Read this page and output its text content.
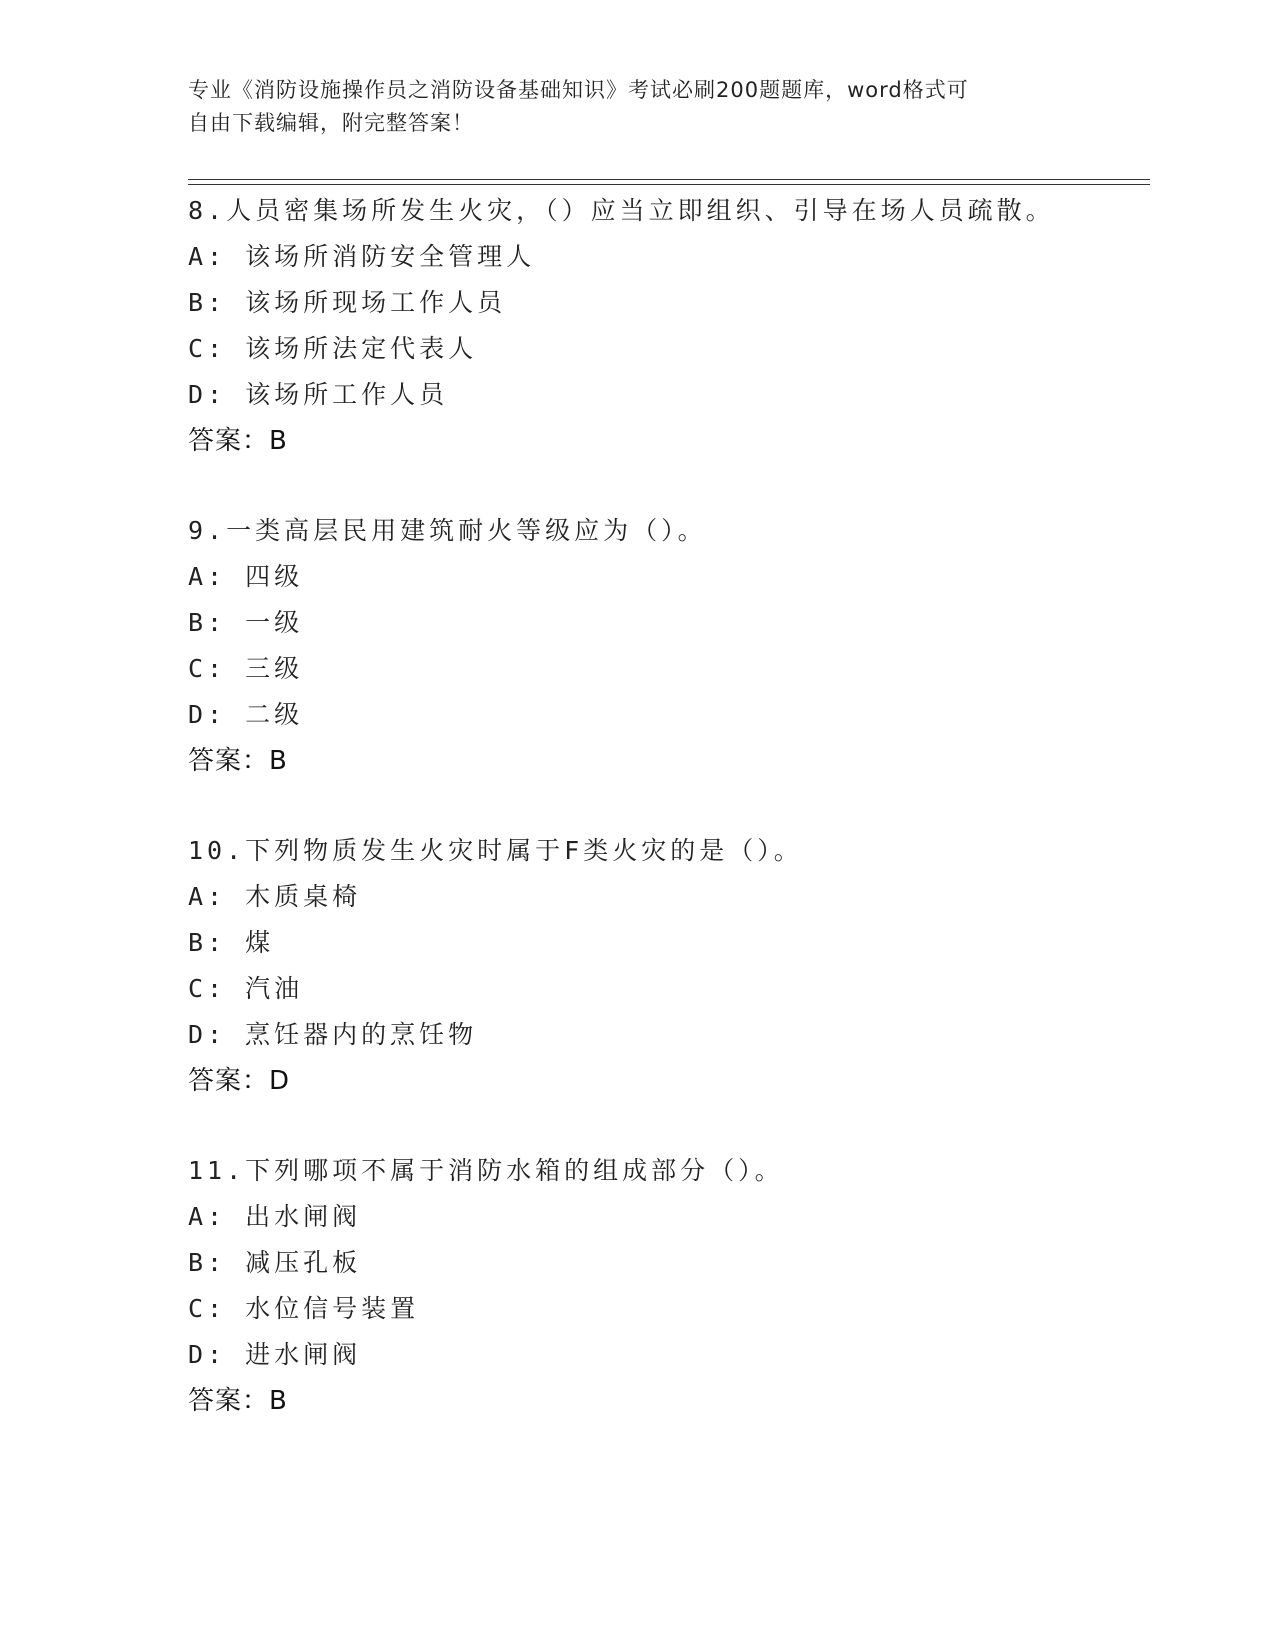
专业《消防设施操作员之消防设备基础知识》考试必刷200题题库，word格式可
自由下载编辑，附完整答案！
8.人员密集场所发生火灾，（）应当立即组织、引导在场人员疏散。
A: 该场所消防安全管理人
B: 该场所现场工作人员
C: 该场所法定代表人
D: 该场所工作人员
答案：B
9.一类高层民用建筑耐火等级应为（）。
A: 四级
B: 一级
C: 三级
D: 二级
答案：B
10.下列物质发生火灾时属于F类火灾的是（）。
A: 木质桌椅
B: 煤
C: 汽油
D: 烹饪器内的烹饪物
答案：D
11.下列哪项不属于消防水箱的组成部分（）。
A: 出水闸阀
B: 减压孔板
C: 水位信号装置
D: 进水闸阀
答案：B
